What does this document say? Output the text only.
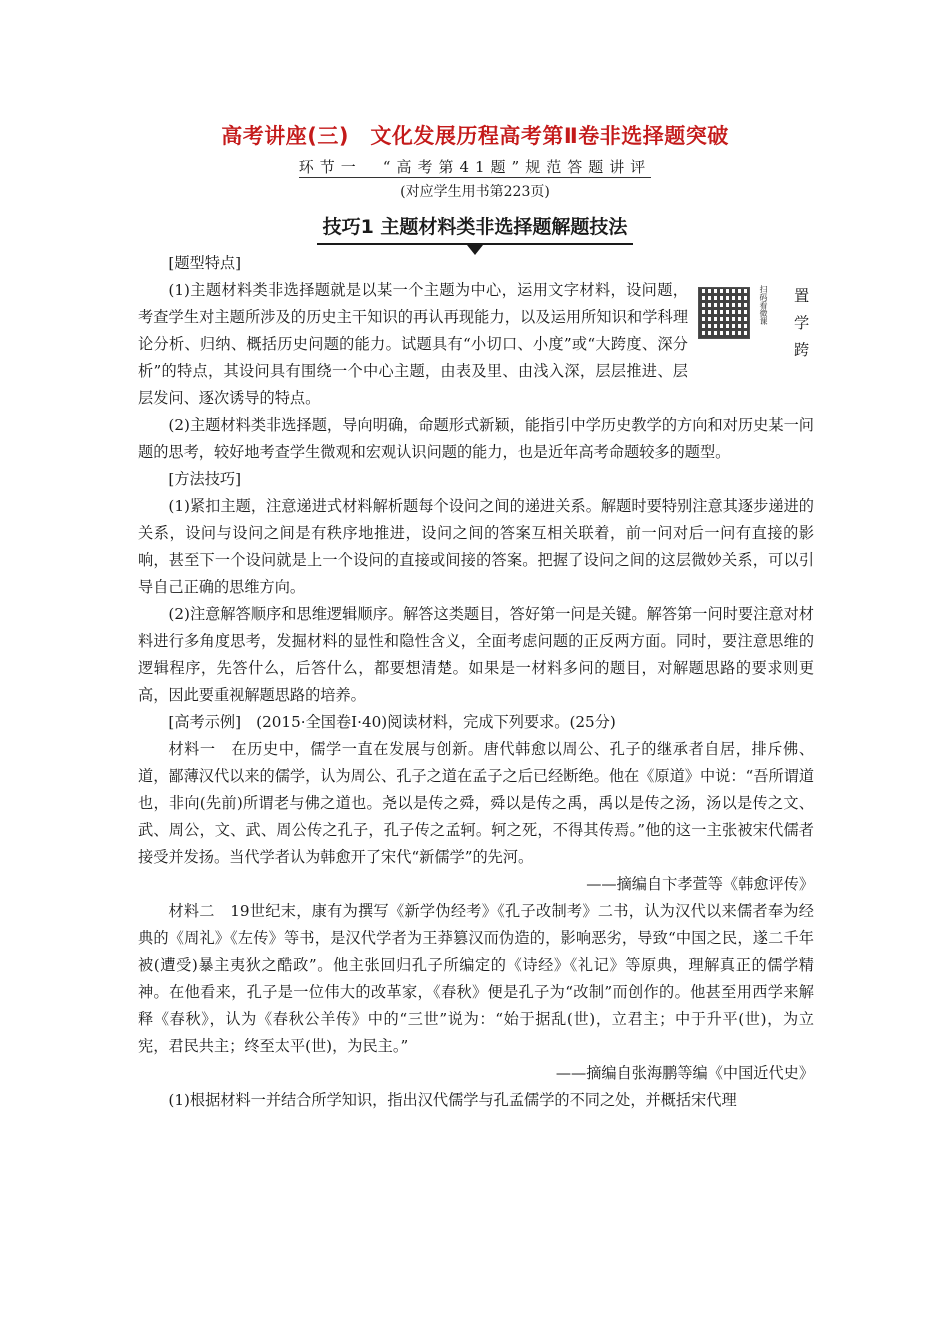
高考讲座(三)　文化发展历程高考第Ⅱ卷非选择题突破
环节一　“高考第41题”规范答题讲评
(对应学生用书第223页)
技巧1 主题材料类非选择题解题技法

[题型特点]

扫码看微课 置
学
跨

(1)主题材料类非选择题就是以某一个主题为中心，运用文字材料，设问题，考查学生对主题所涉及的历史主干知识的再认再现能力，以及运用所知识和学科理论分析、归纳、概括历史问题的能力。试题具有“小切口、小度”或“大跨度、深分析”的特点，其设问具有围绕一个中心主题，由表及里、由浅入深，层层推进、层层发问、逐次诱导的特点。

(2)主题材料类非选择题，导向明确，命题形式新颖，能指引中学历史教学的方向和对历史某一问题的思考，较好地考查学生微观和宏观认识问题的能力，也是近年高考命题较多的题型。

[方法技巧]

(1)紧扣主题，注意递进式材料解析题每个设问之间的递进关系。解题时要特别注意其逐步递进的关系，设问与设问之间是有秩序地推进，设问之间的答案互相关联着，前一问对后一问有直接的影响，甚至下一个设问就是上一个设问的直接或间接的答案。把握了设问之间的这层微妙关系，可以引导自己正确的思维方向。

(2)注意解答顺序和思维逻辑顺序。解答这类题目，答好第一问是关键。解答第一问时要注意对材料进行多角度思考，发掘材料的显性和隐性含义，全面考虑问题的正反两方面。同时，要注意思维的逻辑程序，先答什么，后答什么，都要想清楚。如果是一材料多问的题目，对解题思路的要求则更高，因此要重视解题思路的培养。

[高考示例]　(2015·全国卷Ⅰ·40)阅读材料，完成下列要求。(25分)

材料一　在历史中，儒学一直在发展与创新。唐代韩愈以周公、孔子的继承者自居，排斥佛、道，鄙薄汉代以来的儒学，认为周公、孔子之道在孟子之后已经断绝。他在《原道》中说：“吾所谓道也，非向(先前)所谓老与佛之道也。尧以是传之舜，舜以是传之禹，禹以是传之汤，汤以是传之文、武、周公，文、武、周公传之孔子，孔子传之孟轲。轲之死，不得其传焉。”他的这一主张被宋代儒者接受并发扬。当代学者认为韩愈开了宋代“新儒学”的先河。

——摘编自卞孝萱等《韩愈评传》

材料二　19世纪末，康有为撰写《新学伪经考》《孔子改制考》二书，认为汉代以来儒者奉为经典的《周礼》《左传》等书，是汉代学者为王莽篡汉而伪造的，影响恶劣，导致“中国之民，遂二千年被(遭受)暴主夷狄之酷政”。他主张回归孔子所编定的《诗经》《礼记》等原典，理解真正的儒学精神。在他看来，孔子是一位伟大的改革家，《春秋》便是孔子为“改制”而创作的。他甚至用西学来解释《春秋》，认为《春秋公羊传》中的“三世”说为：“始于据乱(世)，立君主；中于升平(世)，为立宪，君民共主；终至太平(世)，为民主。”

——摘编自张海鹏等编《中国近代史》

(1)根据材料一并结合所学知识，指出汉代儒学与孔孟儒学的不同之处，并概括宋代理
